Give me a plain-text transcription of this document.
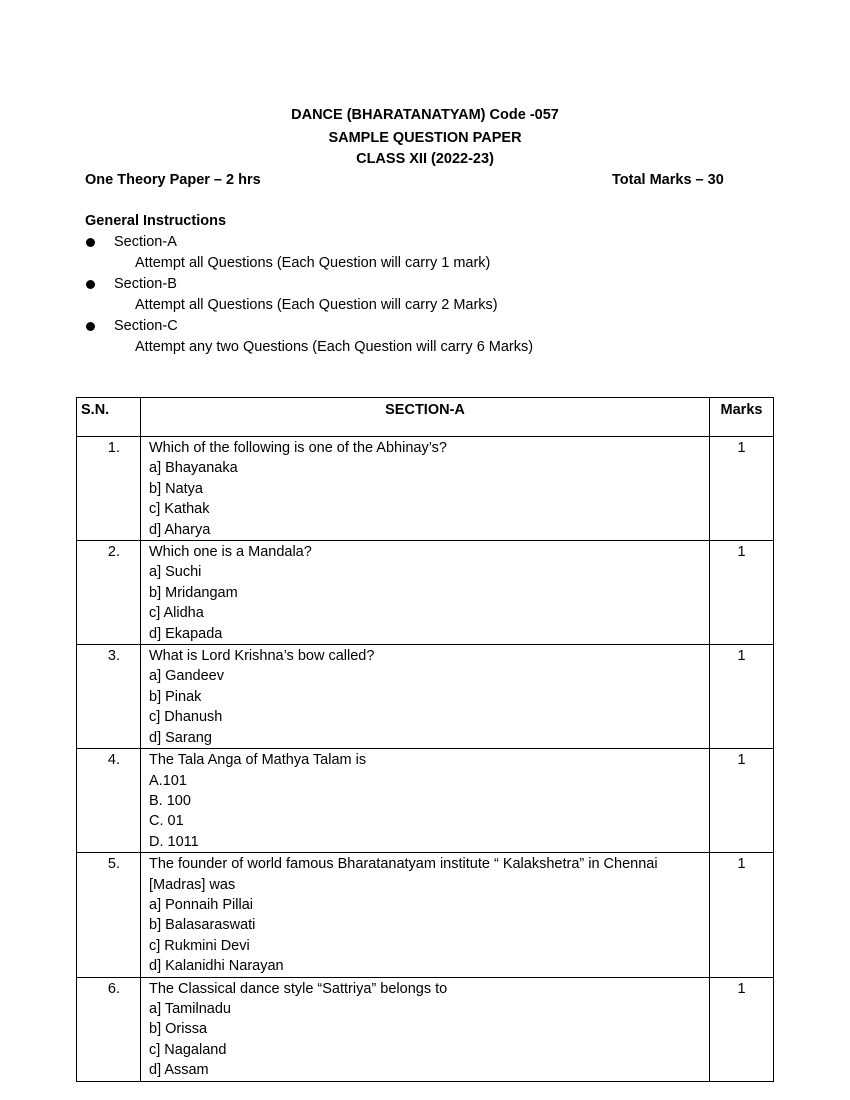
DANCE (BHARATANATYAM) Code -057
SAMPLE QUESTION PAPER
CLASS XII (2022-23)
One Theory Paper – 2 hrs	Total Marks – 30
General Instructions
Section-A
Attempt all Questions (Each Question will carry 1 mark)
Section-B
Attempt all Questions (Each Question will carry 2 Marks)
Section-C
Attempt any two Questions (Each Question will carry 6 Marks)
S.N.	SECTION-A	Marks
1.	Which of the following is one of the Abhinay’s?
a] Bhayanaka
b] Natya
c] Kathak
d] Aharya	1
2.	Which one is a Mandala?
a] Suchi
b] Mridangam
c] Alidha
d] Ekapada	1
3.	What is Lord Krishna’s bow called?
a] Gandeev
b] Pinak
c] Dhanush
d] Sarang	1
4.	The Tala Anga of Mathya Talam is
A.101
B. 100
C. 01
D. 1011	1
5.	The founder of world famous Bharatanatyam institute “ Kalakshetra” in Chennai [Madras] was
a] Ponnaih Pillai
b] Balasaraswati
c] Rukmini Devi
d] Kalanidhi Narayan	1
6.	The Classical dance style “Sattriya” belongs to
a] Tamilnadu
b] Orissa
c] Nagaland
d] Assam	1
